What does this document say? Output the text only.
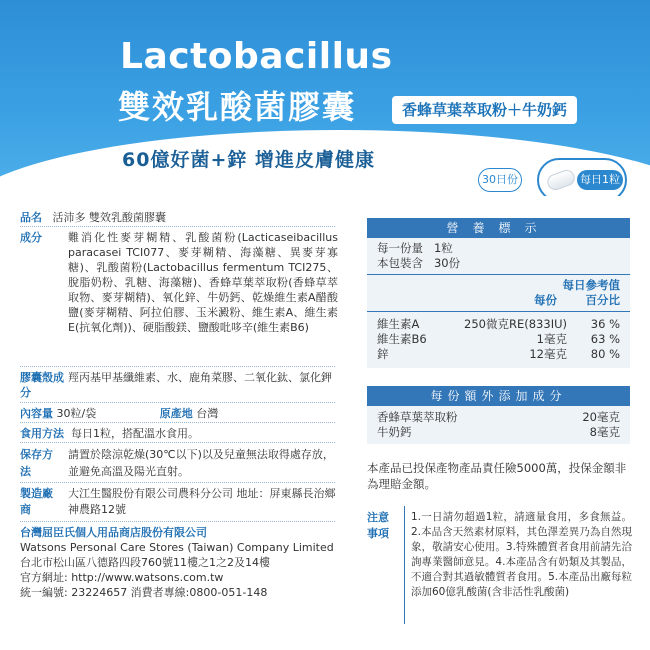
Lactobacillus
雙效乳酸菌膠囊	香蜂草葉萃取粉＋牛奶鈣
60億好菌+鋅 增進皮膚健康
30日份	每日1粒
品名 活沛多 雙效乳酸菌膠囊
成分	難消化性麥芽糊精、乳酸菌粉(Lacticaseibacillus paracasei TCI077、麥芽糊精、海藻糖、異麥芽寡糖)、乳酸菌粉(Lactobacillus fermentum TCI275、脫脂奶粉、乳糖、海藻糖)、香蜂草葉萃取粉(香蜂草萃取物、麥芽糊精)、氧化鋅、牛奶鈣、乾燥維生素A醋酸鹽(麥芽糊精、阿拉伯膠、玉米澱粉、維生素A、維生素E(抗氧化劑))、硬脂酸鎂、鹽酸吡哆辛(維生素B6)
膠囊殼成分
羥丙基甲基纖維素、水、鹿角菜膠、二氧化鈦、氯化鉀
內容量 30粒/袋	原產地 台灣
食用方法 每日1粒，搭配溫水食用。
保存方法
請置於陰涼乾燥(30℃以下)以及兒童無法取得處存放，並避免高溫及陽光直射。
製造廠商
大江生醫股份有限公司農科分公司 地址：屏東縣長治鄉神農路12號
台灣屈臣氏個人用品商店股份有限公司
Watsons Personal Care Stores (Taiwan) Company Limited
台北市松山區八德路四段760號11樓之1之2及14樓
官方網址: http://www.watsons.com.tw
統一編號: 23224657 消費者專線:0800-051-148
營養標示
每一份量 1粒
本包裝含 30份
每日參考值
每份 百分比
維生素A	250微克RE(833IU)	36 %
維生素B6	1毫克	63 %
鋅	12毫克	80 %
每份額外添加成分
香蜂草葉萃取粉	20毫克
牛奶鈣	8毫克
本產品已投保產物產品責任險5000萬，投保金額非為理賠金額。
注意事項
1.一日請勿超過1粒，請適量食用，多食無益。2.本品含天然素材原料，其色澤差異乃為自然現象，敬請安心使用。3.特殊體質者食用前請先洽詢專業醫師意見。4.本產品含有奶類及其製品，不適合對其過敏體質者食用。5.本產品出廠每粒添加60億乳酸菌(含非活性乳酸菌)
